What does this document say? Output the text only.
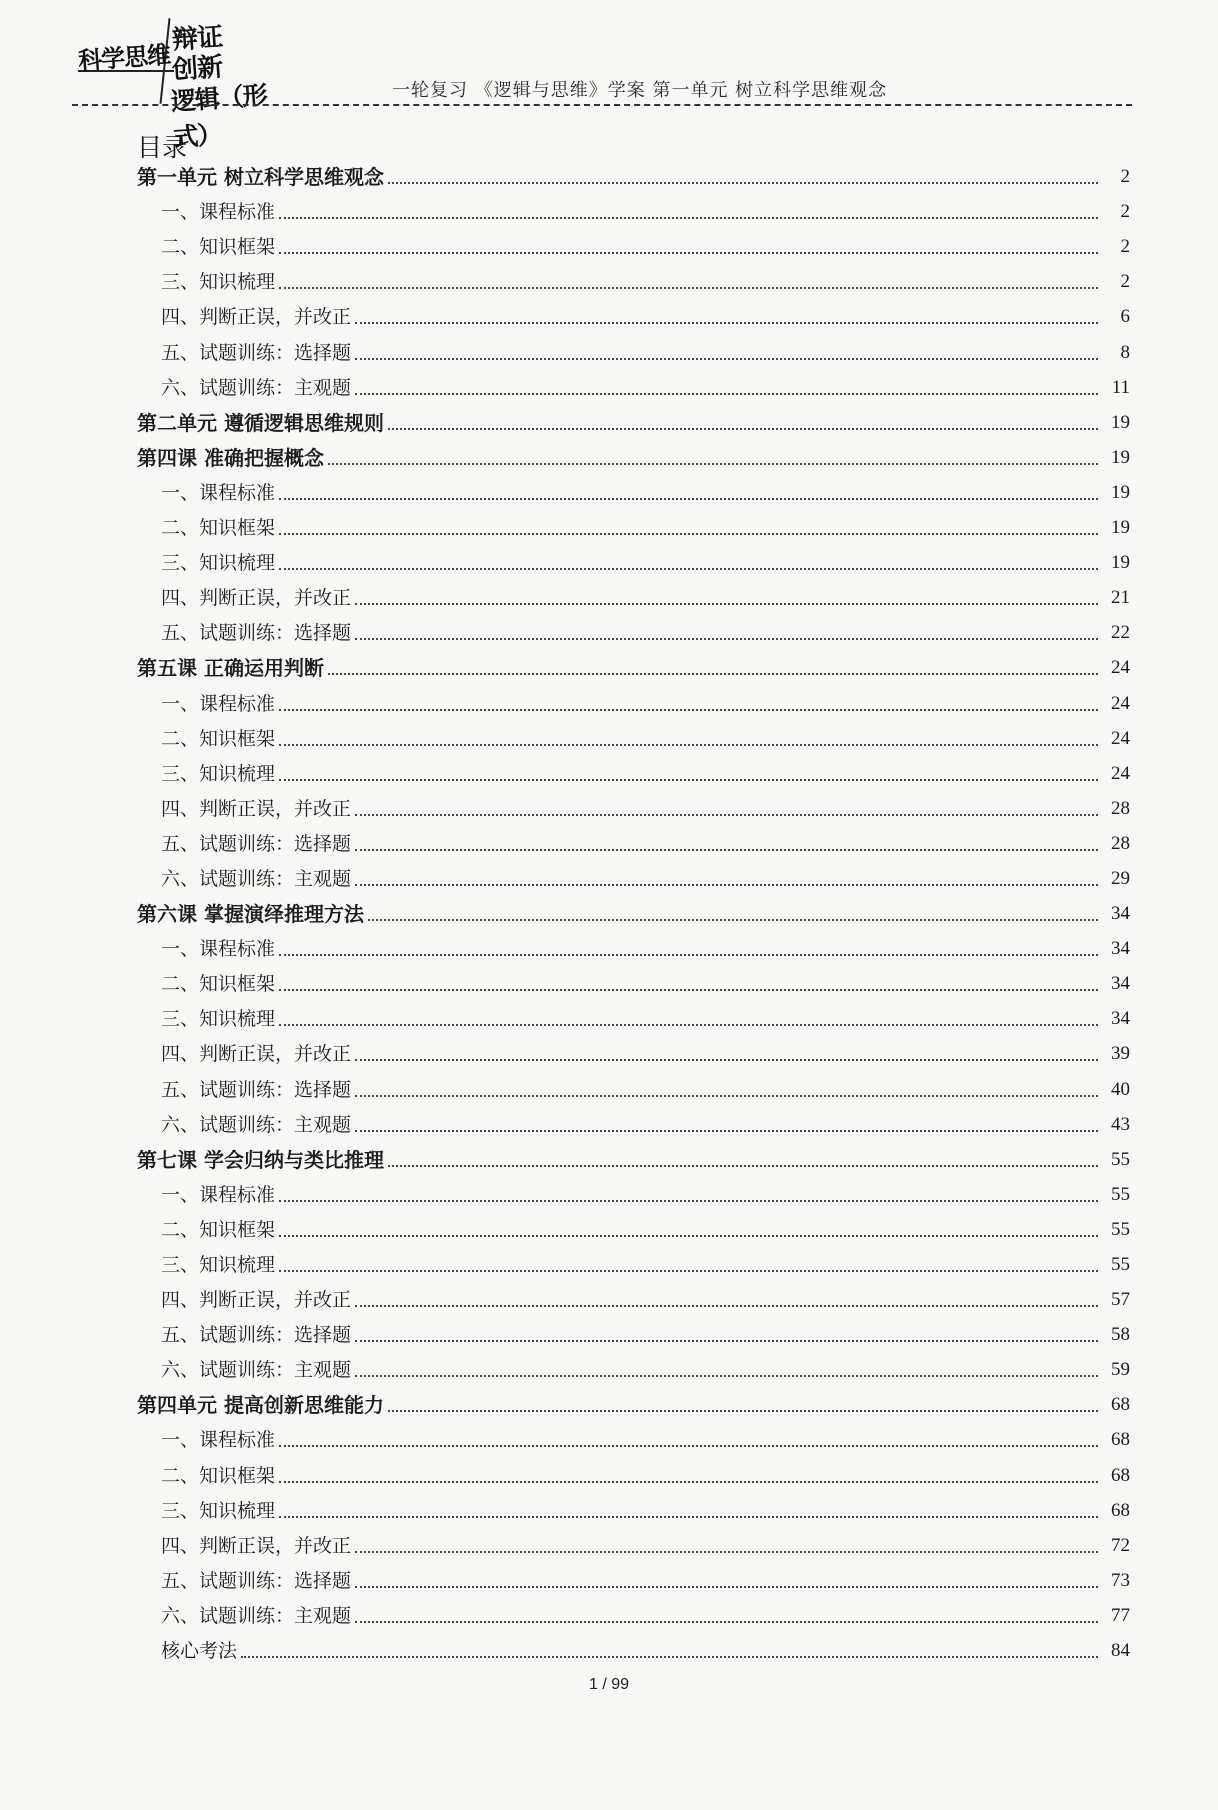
科学思维
辩证
创新
逻辑（形式）
一轮复习 《逻辑与思维》学案 第一单元 树立科学思维观念
目录
第一单元 树立科学思维观念	2
一、课程标准	2
二、知识框架	2
三、知识梳理	2
四、判断正误，并改正	6
五、试题训练：选择题	8
六、试题训练：主观题	11
第二单元 遵循逻辑思维规则	19
第四课 准确把握概念	19
一、课程标准	19
二、知识框架	19
三、知识梳理	19
四、判断正误，并改正	21
五、试题训练：选择题	22
第五课 正确运用判断	24
一、课程标准	24
二、知识框架	24
三、知识梳理	24
四、判断正误，并改正	28
五、试题训练：选择题	28
六、试题训练：主观题	29
第六课 掌握演绎推理方法	34
一、课程标准	34
二、知识框架	34
三、知识梳理	34
四、判断正误，并改正	39
五、试题训练：选择题	40
六、试题训练：主观题	43
第七课 学会归纳与类比推理	55
一、课程标准	55
二、知识框架	55
三、知识梳理	55
四、判断正误，并改正	57
五、试题训练：选择题	58
六、试题训练：主观题	59
第四单元 提高创新思维能力	68
一、课程标准	68
二、知识框架	68
三、知识梳理	68
四、判断正误，并改正	72
五、试题训练：选择题	73
六、试题训练：主观题	77
核心考法	84
1 / 99
